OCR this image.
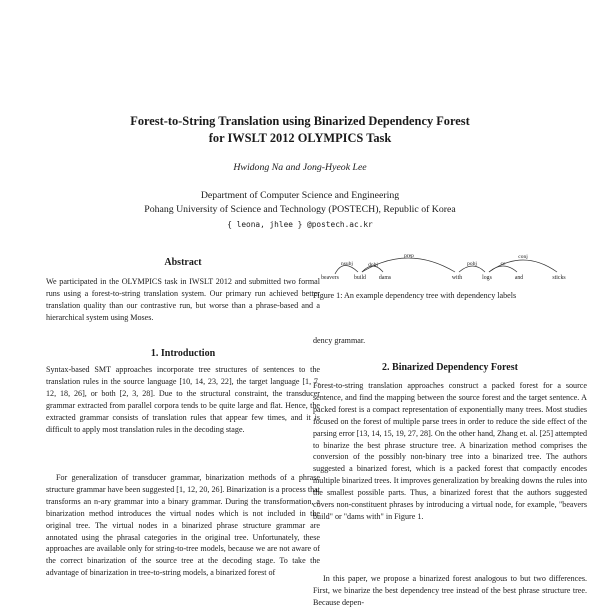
Forest-to-String Translation using Binarized Dependency Forest
for IWSLT 2012 OLYMPICS Task
Hwidong Na and Jong-Hyeok Lee
Department of Computer Science and Engineering
Pohang University of Science and Technology (POSTECH), Republic of Korea
{ leona, jhlee } @postech.ac.kr
Abstract
We participated in the OLYMPICS task in IWSLT 2012 and submitted two formal runs using a forest-to-string translation system. Our primary run achieved better translation quality than our contrastive run, but worse than a phrase-based and a hierarchical system using Moses.
1. Introduction
Syntax-based SMT approaches incorporate tree structures of sentences to the translation rules in the source language [10, 14, 23, 22], the target language [1, 7, 12, 18, 26], or both [2, 3, 28]. Due to the structural constraint, the transducer grammar extracted from parallel corpora tends to be quite large and flat. Hence, the extracted grammar consists of translation rules that appear few times, and it is difficult to apply most translation rules in the decoding stage.
For generalization of transducer grammar, binarization methods of a phrase structure grammar have been suggested [1, 12, 20, 26]. Binarization is a process that transforms an n-ary grammar into a binary grammar. During the transformation, a binarization method introduces the virtual nodes which is not included in the original tree. The virtual nodes in a binarized phrase structure grammar are annotated using the phrasal categories in the original tree. Unfortunately, these approaches are available only for string-to-tree models, because we are not aware of the correct binarization of the source tree at the decoding stage. To take the advantage of binarization in tree-to-string models, a binarized forest of
nsubj	dobj
prep
pobj	cc
conj
beavers	build dams	with	logs	and	sticks
Figure 1: An example dependency tree with dependency labels
dency grammar.
2. Binarized Dependency Forest
Forest-to-string translation approaches construct a packed forest for a source sentence, and find the mapping between the source forest and the target sentence. A packed forest is a compact representation of exponentially many trees. Most studies focused on the forest of multiple parse trees in order to reduce the side effect of the parsing error [13, 14, 15, 19, 27, 28]. On the other hand, Zhang et. al. [25] attempted to binarize the best phrase structure tree. A binarization method comprises the conversion of the possibly non-binary tree into a binarized tree. The authors suggested a binarized forest, which is a packed forest that compactly encodes multiple binarized trees. It improves generalization by breaking downs the rules into the smallest possible parts. Thus, a binarized forest that the authors suggested covers non-constituent phrases by introducing a virtual node, for example, "beavers build" or "dams with" in Figure 1.
In this paper, we propose a binarized forest analogous to but two differences. First, we binarize the best dependency tree instead of the best phrase structure tree. Because depen-
